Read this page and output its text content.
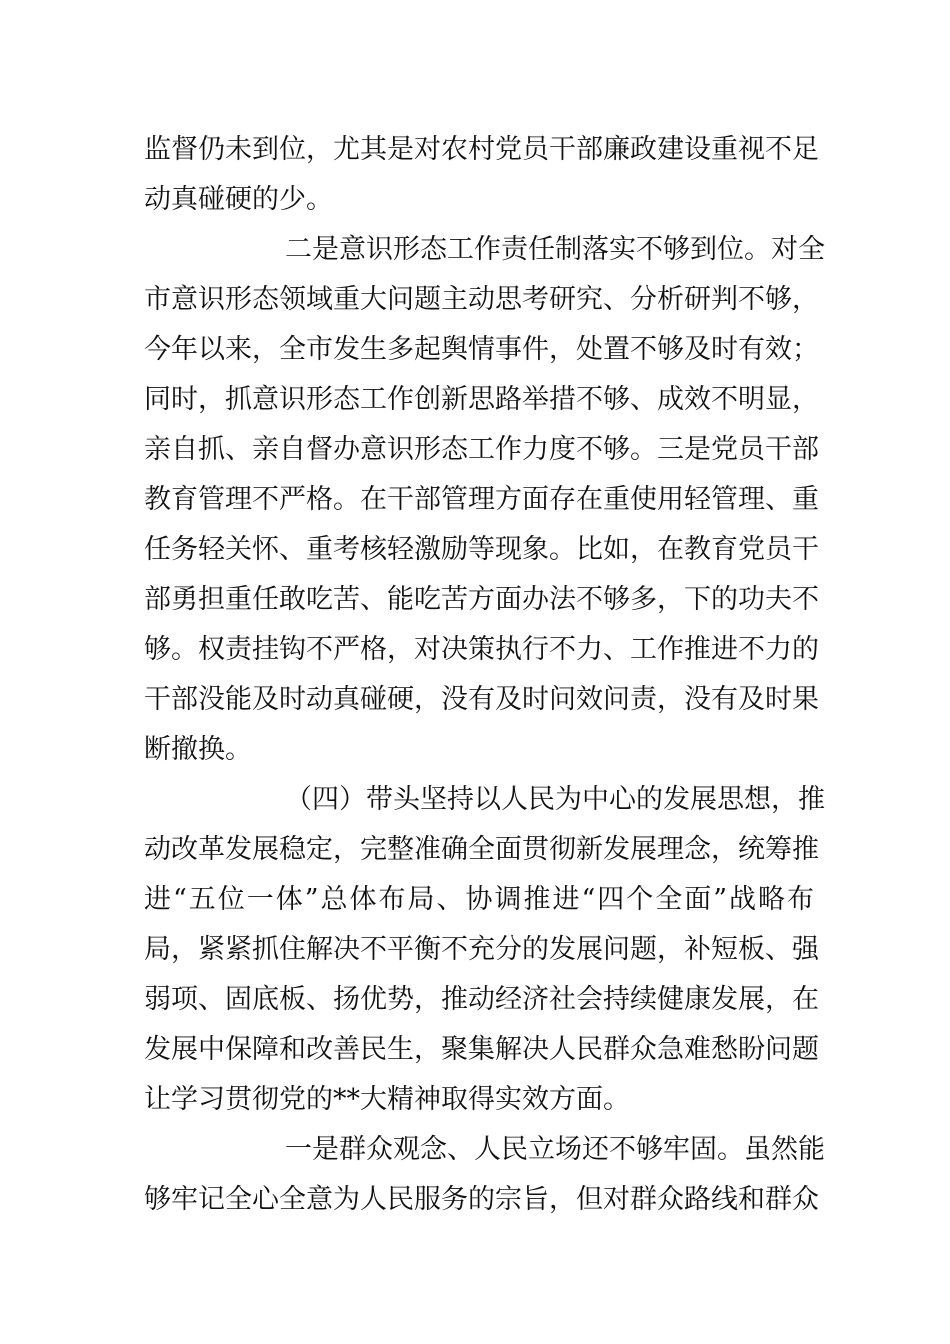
监督仍未到位，尤其是对农村党员干部廉政建设重视不足
动真碰硬的少。
二是意识形态工作责任制落实不够到位。对全
市意识形态领域重大问题主动思考研究、分析研判不够，
今年以来，全市发生多起舆情事件，处置不够及时有效；
同时，抓意识形态工作创新思路举措不够、成效不明显，
亲自抓、亲自督办意识形态工作力度不够。三是党员干部
教育管理不严格。在干部管理方面存在重使用轻管理、重
任务轻关怀、重考核轻激励等现象。比如，在教育党员干
部勇担重任敢吃苦、能吃苦方面办法不够多，下的功夫不
够。权责挂钩不严格，对决策执行不力、工作推进不力的
干部没能及时动真碰硬，没有及时问效问责，没有及时果
断撤换。
（四）带头坚持以人民为中心的发展思想，推
动改革发展稳定，完整准确全面贯彻新发展理念，统筹推
进“五位一体”总体布局、协调推进“四个全面”战略布
局，紧紧抓住解决不平衡不充分的发展问题，补短板、强
弱项、固底板、扬优势，推动经济社会持续健康发展，在
发展中保障和改善民生，聚集解决人民群众急难愁盼问题
让学习贯彻党的**大精神取得实效方面。
一是群众观念、人民立场还不够牢固。虽然能
够牢记全心全意为人民服务的宗旨，但对群众路线和群众
